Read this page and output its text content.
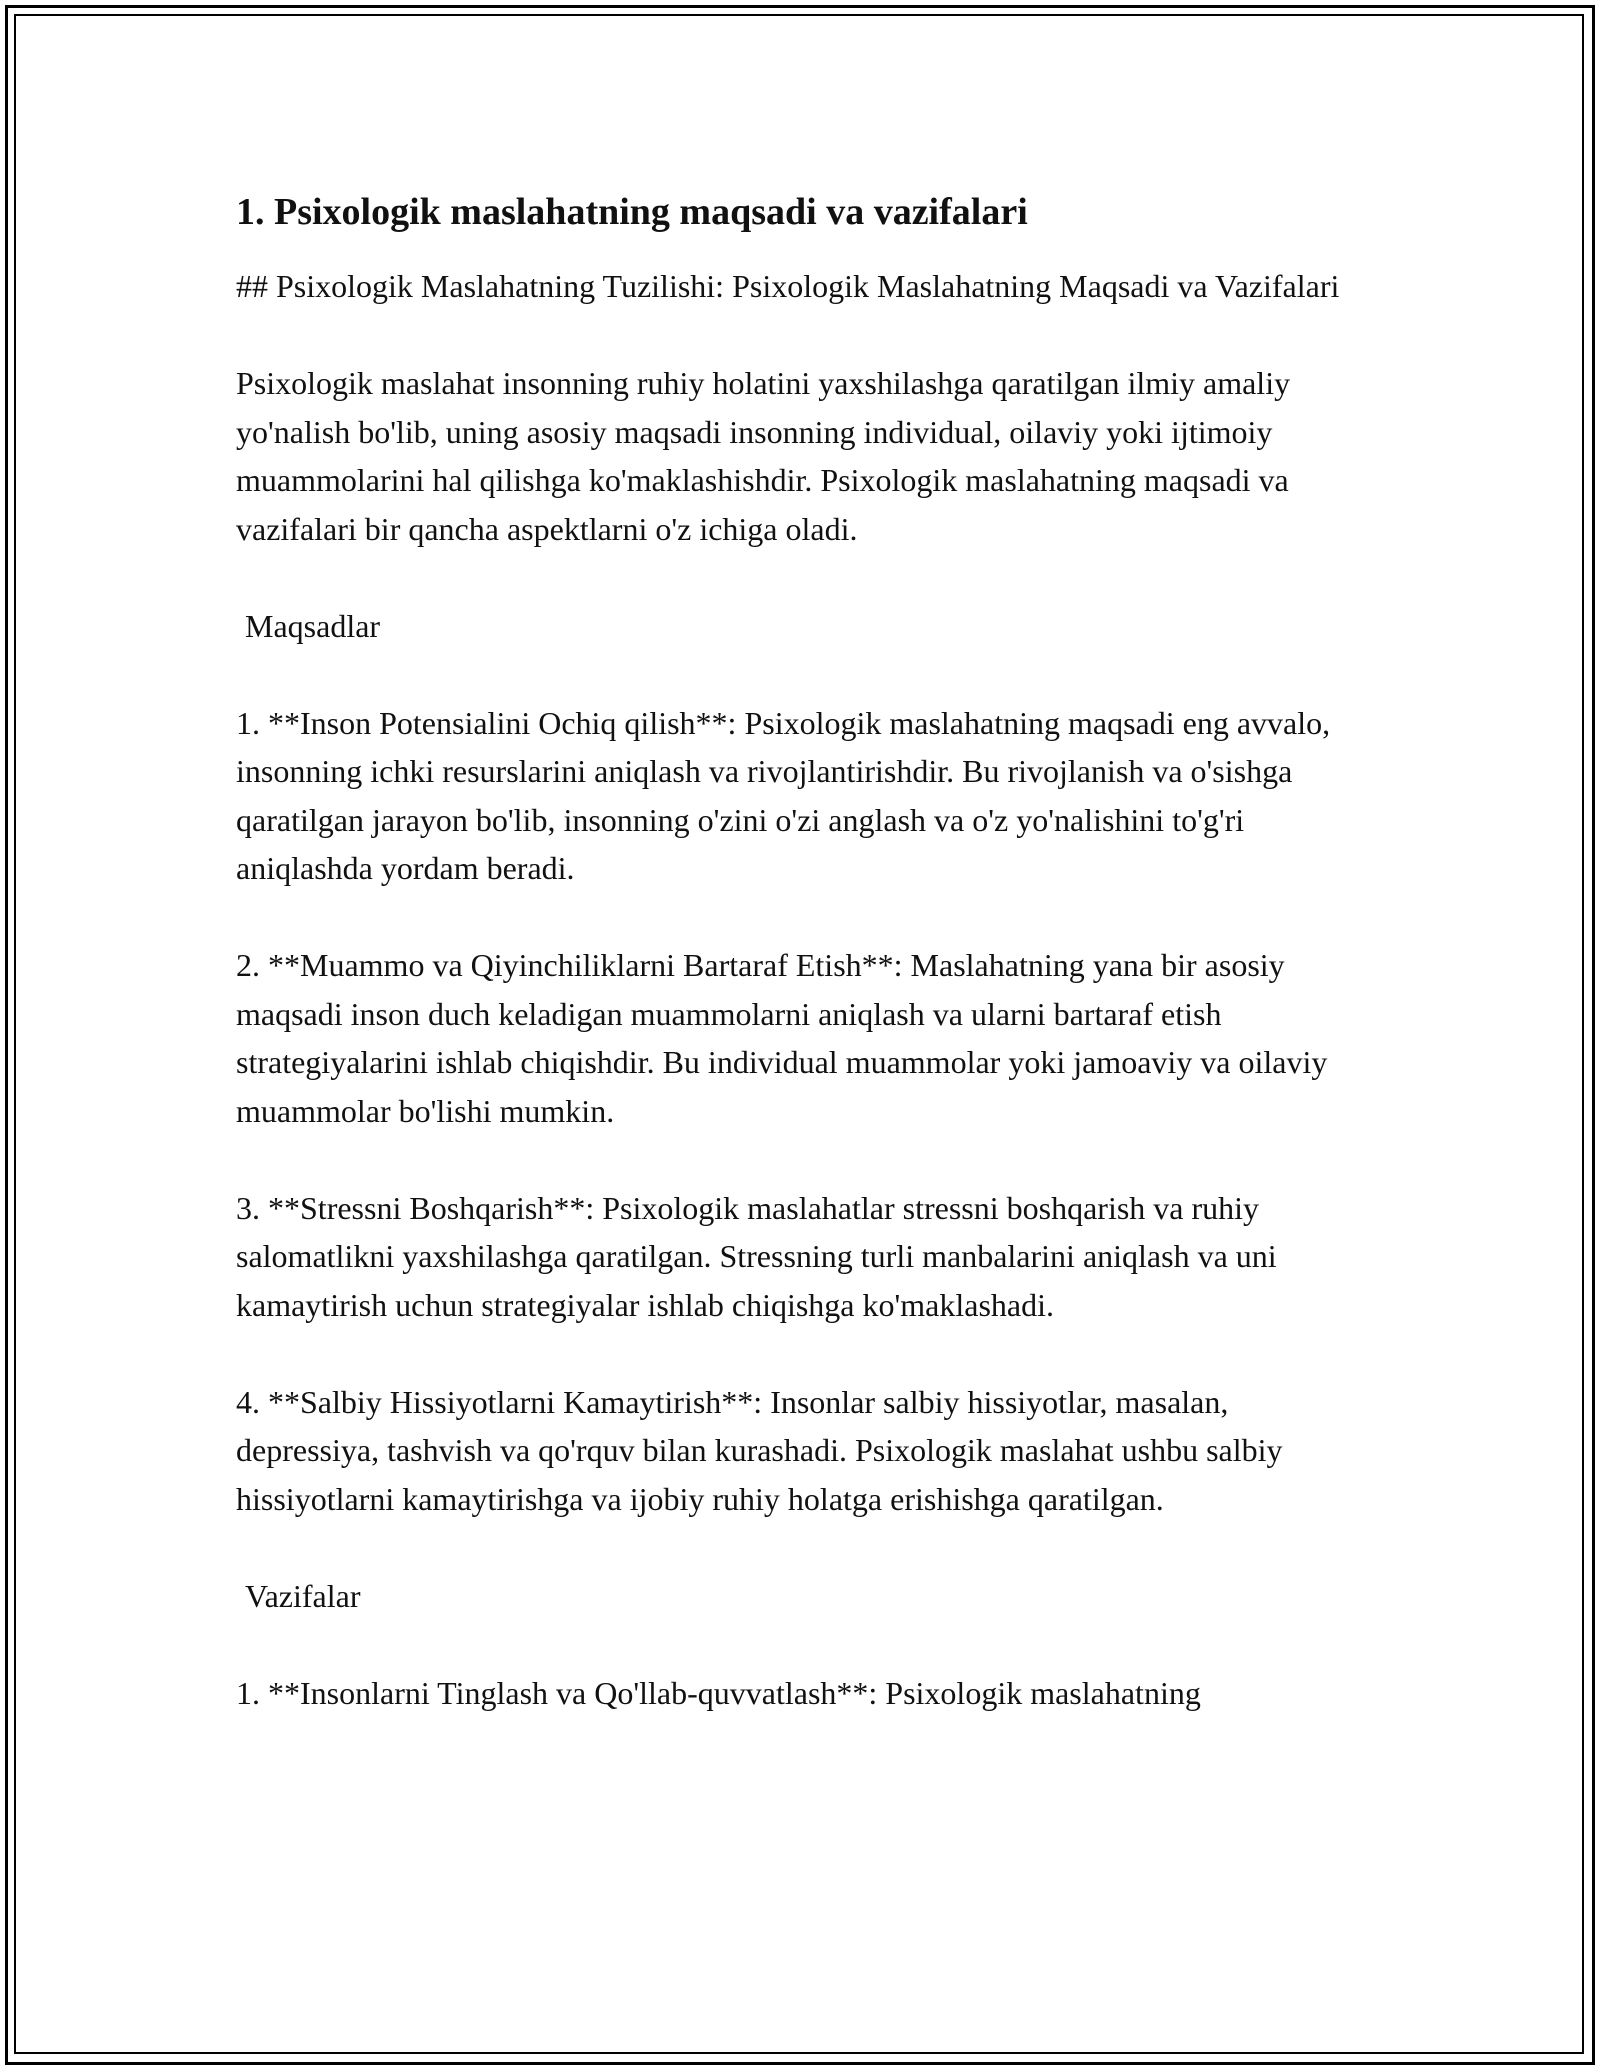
1. Psixologik maslahatning maqsadi va vazifalari

## Psixologik Maslahatning Tuzilishi: Psixologik Maslahatning Maqsadi va Vazifalari

Psixologik maslahat insonning ruhiy holatini yaxshilashga qaratilgan ilmiy amaliy yo'nalish bo'lib, uning asosiy maqsadi insonning individual, oilaviy yoki ijtimoiy muammolarini hal qilishga ko'maklashishdir. Psixologik maslahatning maqsadi va vazifalari bir qancha aspektlarni o'z ichiga oladi.

Maqsadlar

1. **Inson Potensialini Ochiq qilish**: Psixologik maslahatning maqsadi eng avvalo, insonning ichki resurslarini aniqlash va rivojlantirishdir. Bu rivojlanish va o'sishga qaratilgan jarayon bo'lib, insonning o'zini o'zi anglash va o'z yo'nalishini to'g'ri aniqlashda yordam beradi.

2. **Muammo va Qiyinchiliklarni Bartaraf Etish**: Maslahatning yana bir asosiy maqsadi inson duch keladigan muammolarni aniqlash va ularni bartaraf etish strategiyalarini ishlab chiqishdir. Bu individual muammolar yoki jamoaviy va oilaviy muammolar bo'lishi mumkin.

3. **Stressni Boshqarish**: Psixologik maslahatlar stressni boshqarish va ruhiy salomatlikni yaxshilashga qaratilgan. Stressning turli manbalarini aniqlash va uni kamaytirish uchun strategiyalar ishlab chiqishga ko'maklashadi.

4. **Salbiy Hissiyotlarni Kamaytirish**: Insonlar salbiy hissiyotlar, masalan, depressiya, tashvish va qo'rquv bilan kurashadi. Psixologik maslahat ushbu salbiy hissiyotlarni kamaytirishga va ijobiy ruhiy holatga erishishga qaratilgan.

Vazifalar

1. **Insonlarni Tinglash va Qo'llab-quvvatlash**: Psixologik maslahatning
